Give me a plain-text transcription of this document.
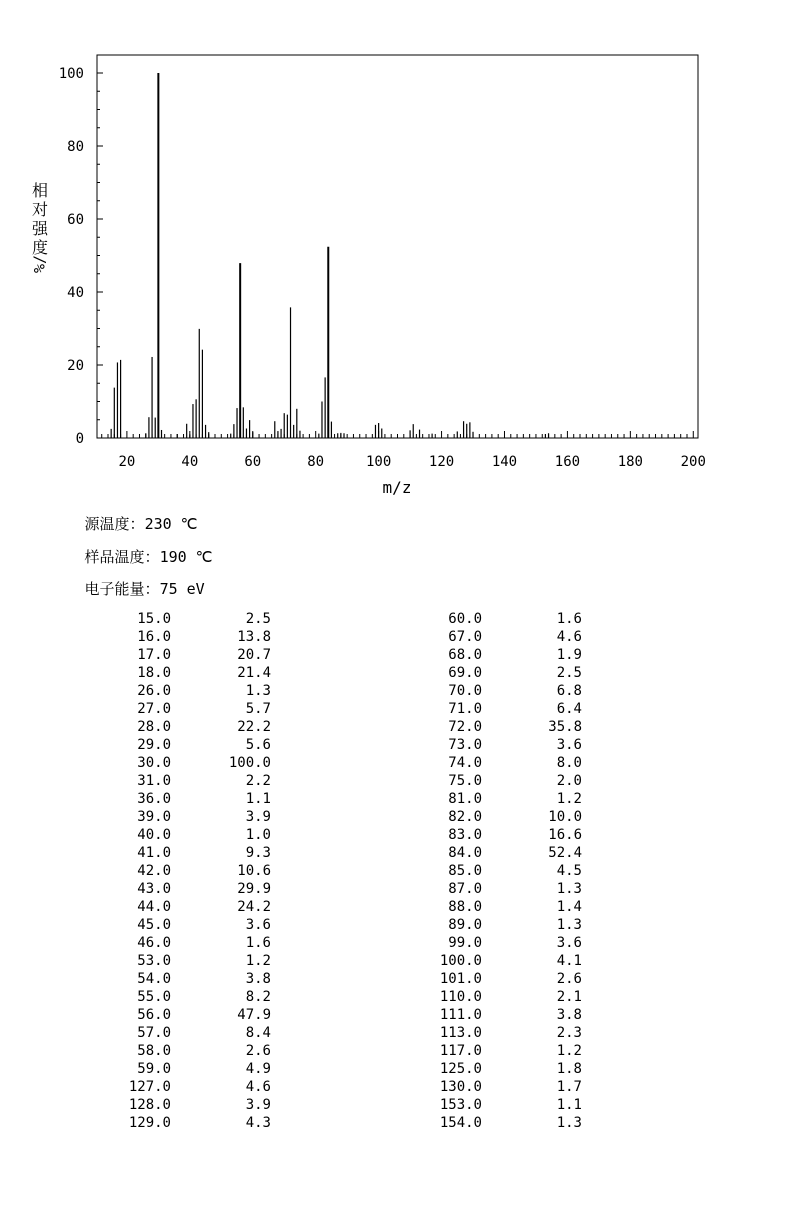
相
对
强
度
%/
20	40	60	80	100	120	140	160	180	200
0
20
40
60
80
100
m/z

源温度：230 ℃

样品温度：190 ℃

电子能量：75 eV

15.0	2.5
16.0	13.8
17.0	20.7
18.0	21.4
26.0	1.3
27.0	5.7
28.0	22.2
29.0	5.6
30.0	100.0
31.0	2.2
36.0	1.1
39.0	3.9
40.0	1.0
41.0	9.3
42.0	10.6
43.0	29.9
44.0	24.2
45.0	3.6
46.0	1.6
53.0	1.2
54.0	3.8
55.0	8.2
56.0	47.9
57.0	8.4
58.0	2.6
59.0	4.9
127.0	4.6
128.0	3.9
129.0	4.3
60.0	1.6
67.0	4.6
68.0	1.9
69.0	2.5
70.0	6.8
71.0	6.4
72.0	35.8
73.0	3.6
74.0	8.0
75.0	2.0
81.0	1.2
82.0	10.0
83.0	16.6
84.0	52.4
85.0	4.5
87.0	1.3
88.0	1.4
89.0	1.3
99.0	3.6
100.0	4.1
101.0	2.6
110.0	2.1
111.0	3.8
113.0	2.3
117.0	1.2
125.0	1.8
130.0	1.7
153.0	1.1
154.0	1.3
